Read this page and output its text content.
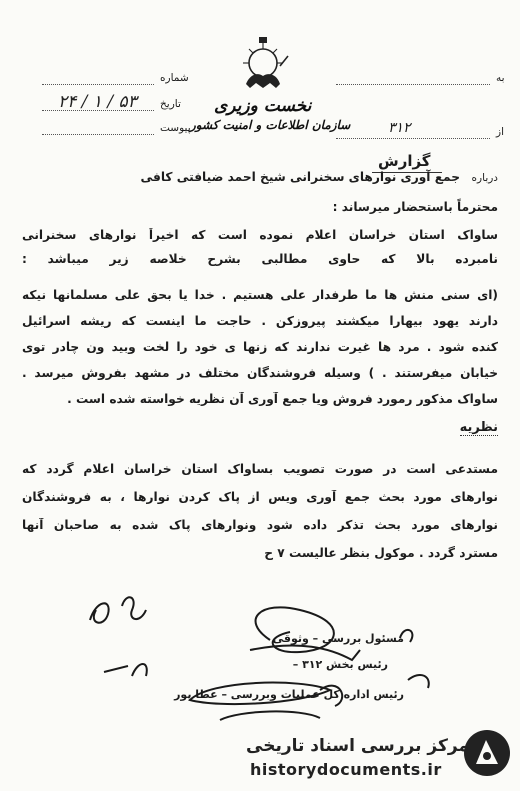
نخست وزیری
سازمان اطلاعات و امنیت کشور
شماره
تاریخ
۲۴ / ۱ / ۵۳
پیوست
به
از
۳۱۲
گزارش
درباره
جمع آوری نوارهای سخنرانی شیخ احمد ضیافتی کافی
محترماً باستحضار میرساند :
ساواک استان خراسان اعلام نموده است که اخیراً نوارهای سخنرانی
نامبرده بالا که حاوی مطالبی بشرح خلاصه زیر میباشد :
(ای سنی منش ها ما طرفدار علی هستیم . خدا یا بحق علی مسلمانها نیکه
دارند یهود بیهارا میکشند پیروزکن . حاجت ما اینست که ریشه اسرائیل
کنده شود . مرد ها غیرت ندارند که زنها ی خود را لخت وبید ون چادر توی
خیابان میفرستند . ) وسیله فروشندگان مختلف در مشهد بفروش میرسد .
ساواک مذکور رمورد فروش ویا جمع آوری آن نظریه خواسته شده است .
نظریه
مستدعی است در صورت تصویب بساواک استان خراسان اعلام گردد که
نوارهای مورد بحث جمع آوری ویس از پاک کردن نوارها ، به فروشندگان
نوارهای مورد بحث تذکر داده شود ونوارهای پاک شده به صاحبان آنها
مسترد گردد . موکول بنظر عالیست ۷ ح
مسئول بررسی – وثوقی
رئیس بخش ۳۱۲ –
رئیس اداره کل عملیات وبررسی – عطا پور
مرکز بررسی اسناد تاریخی
historydocuments.ir
